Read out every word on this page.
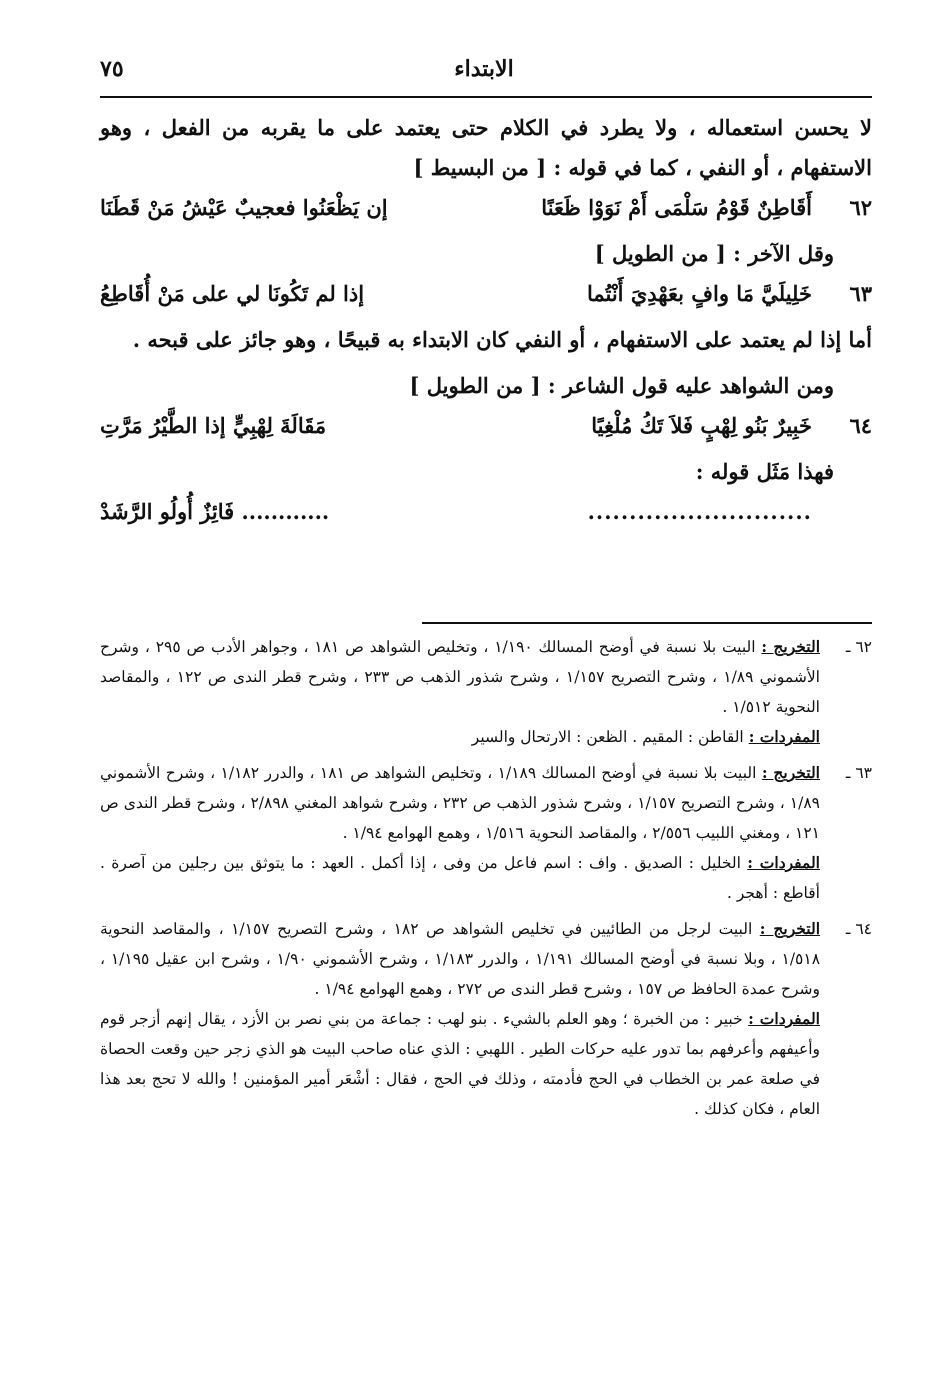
الابتداء
٧٥

لا يحسن استعماله ، ولا يطرد في الكلام حتى يعتمد على ما يقربه من الفعل ، وهو الاستفهام ، أو النفي ، كما في قوله : [ من البسيط ]

٦٢
أَقَاطِنٌ قَوْمُ سَلْمَى أَمْ نَوَوْا ظَعَنًا
إن يَظْعَنُوا فعجيبٌ عَيْشُ مَنْ قَطَنَا

وقل الآخر : [ من الطويل ]

٦٣
خَلِيلَيَّ مَا وافٍ بعَهْدِيَ أَنْتُما
إذا لم تَكُونَا لي على مَنْ أُقَاطِعُ

أما إذا لم يعتمد على الاستفهام ، أو النفي كان الابتداء به قبيحًا ، وهو جائز على قبحه .

ومن الشواهد عليه قول الشاعر : [ من الطويل ]

٦٤
خَبِيرٌ بَنُو لِهْبٍ فَلاَ تَكُ مُلْغِيًا
مَقَالَةَ لِهْبِيٍّ إذا الطَّيْرُ مَرَّتِ

فهذا مَثَل قوله :

...........................
............ فَائِزٌ أُولُو الرَّشَدْ
٦٢ ـ

التخريج : البيت بلا نسبة في أوضح المسالك ١/١٩٠ ، وتخليص الشواهد ص ١٨١ ، وجواهر الأدب ص ٢٩٥ ، وشرح الأشموني ١/٨٩ ، وشرح التصريح ١/١٥٧ ، وشرح شذور الذهب ص ٢٣٣ ، وشرح قطر الندى ص ١٢٢ ، والمقاصد النحوية ١/٥١٢ .

المفردات : القاطن : المقيم . الظعن : الارتحال والسير

٦٣ ـ

التخريج : البيت بلا نسبة في أوضح المسالك ١/١٨٩ ، وتخليص الشواهد ص ١٨١ ، والدرر ١/١٨٢ ، وشرح الأشموني ١/٨٩ ، وشرح التصريح ١/١٥٧ ، وشرح شذور الذهب ص ٢٣٢ ، وشرح شواهد المغني ٢/٨٩٨ ، وشرح قطر الندى ص ١٢١ ، ومغني اللبيب ٢/٥٥٦ ، والمقاصد النحوية ١/٥١٦ ، وهمع الهوامع ١/٩٤ .

المفردات : الخليل : الصديق . واف : اسم فاعل من وفى ، إذا أكمل . العهد : ما يتوثق بين رجلين من آصرة . أقاطع : أهجر .

٦٤ ـ

التخريج : البيت لرجل من الطائيين في تخليص الشواهد ص ١٨٢ ، وشرح التصريح ١/١٥٧ ، والمقاصد النحوية ١/٥١٨ ، وبلا نسبة في أوضح المسالك ١/١٩١ ، والدرر ١/١٨٣ ، وشرح الأشموني ١/٩٠ ، وشرح ابن عقيل ١/١٩٥ ، وشرح عمدة الحافظ ص ١٥٧ ، وشرح قطر الندى ص ٢٧٢ ، وهمع الهوامع ١/٩٤ .

المفردات : خبير : من الخبرة ؛ وهو العلم بالشيء . بنو لهب : جماعة من بني نصر بن الأزد ، يقال إنهم أزجر قوم وأعيفهم وأعرفهم بما تدور عليه حركات الطير . اللهبي : الذي عناه صاحب البيت هو الذي زجر حين وقعت الحصاة في صلعة عمر بن الخطاب في الحج فأدمته ، وذلك في الحج ، فقال : أشْعَر أمير المؤمنين ! والله لا تحج بعد هذا العام ، فكان كذلك .
